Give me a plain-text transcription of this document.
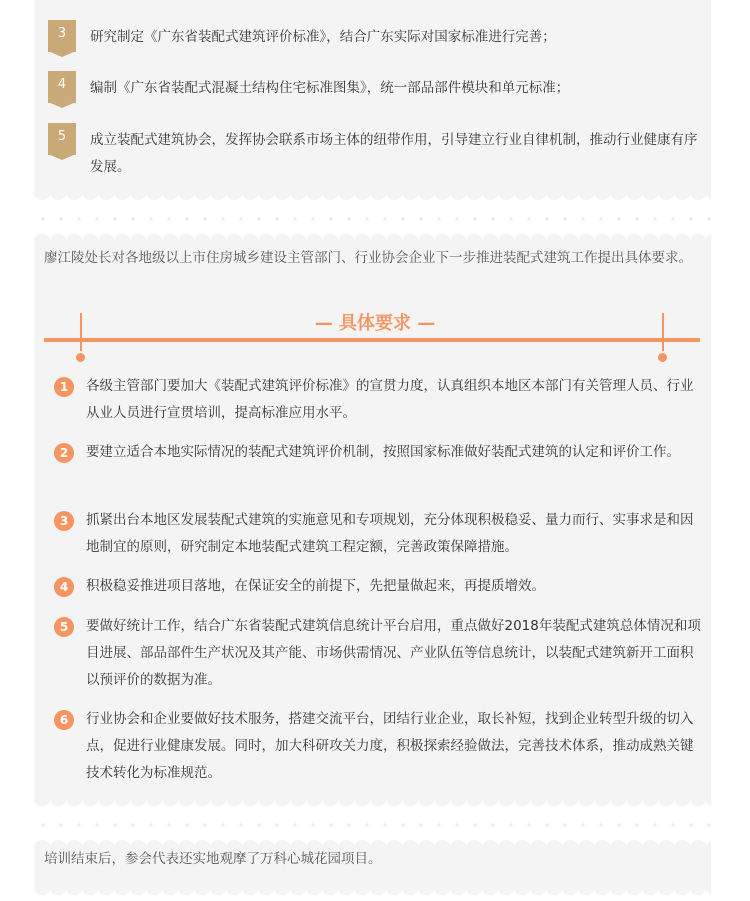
3	研究制定《广东省装配式建筑评价标准》，结合广东实际对国家标准进行完善；
4	编制《广东省装配式混凝土结构住宅标准图集》，统一部品部件模块和单元标准；
5	成立装配式建筑协会，发挥协会联系市场主体的纽带作用，引导建立行业自律机制，推动行业健康有序发展。
廖江陵处长对各地级以上市住房城乡建设主管部门、行业协会企业下一步推进装配式建筑工作提出具体要求。
— 具体要求 —
1	各级主管部门要加大《装配式建筑评价标准》的宣贯力度，认真组织本地区本部门有关管理人员、行业从业人员进行宣贯培训，提高标准应用水平。
2	要建立适合本地实际情况的装配式建筑评价机制，按照国家标准做好装配式建筑的认定和评价工作。
3	抓紧出台本地区发展装配式建筑的实施意见和专项规划，充分体现积极稳妥、量力而行、实事求是和因地制宜的原则，研究制定本地装配式建筑工程定额，完善政策保障措施。
4	积极稳妥推进项目落地，在保证安全的前提下，先把量做起来，再提质增效。
5	要做好统计工作，结合广东省装配式建筑信息统计平台启用，重点做好2018年装配式建筑总体情况和项目进展、部品部件生产状况及其产能、市场供需情况、产业队伍等信息统计，以装配式建筑新开工面积以预评价的数据为准。
6	行业协会和企业要做好技术服务，搭建交流平台，团结行业企业，取长补短，找到企业转型升级的切入点，促进行业健康发展。同时，加大科研攻关力度，积极探索经验做法，完善技术体系，推动成熟关键技术转化为标准规范。
培训结束后，参会代表还实地观摩了万科心城花园项目。
